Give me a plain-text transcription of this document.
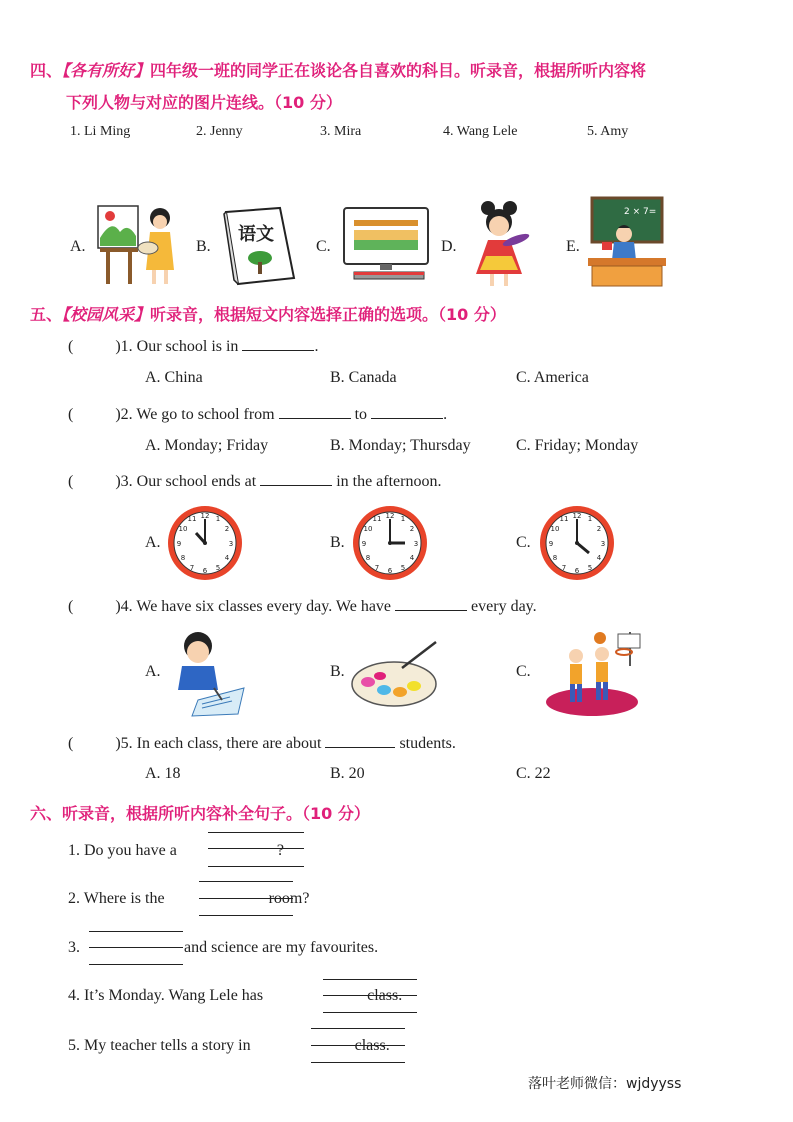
四、【各有所好】四年级一班的同学正在谈论各自喜欢的科目。听录音，根据所听内容将
下列人物与对应的图片连线。（10 分）
1. Li Ming	2. Jenny	3. Mira	4. Wang Lele	5. Amy
A.	B.
语文
C.	D.	E.
2 × 7=
五、【校园风采】听录音，根据短文内容选择正确的选项。（10 分）
(	)1. Our school is in	.
A. China	B. Canada	C. America
(	)2. We go to school from	to	.
A. Monday; Friday	B. Monday; Thursday	C. Friday; Monday
(	)3. Our school ends at	in the afternoon.
A.
12 1
2
3
4
5
6
7
8
9
10
11
B.
12 1
2
3
4
5
6
7
8
9
10
11
C.
12 1
2
3
4
5
6
7
8
9
10
11
(	)4. We have six classes every day. We have	every day.
A.	B.	C.
(	)5. In each class, there are about	students.
A. 18	B. 20	C. 22
六、听录音，根据所听内容补全句子。（10 分）
1. Do you have a	?
2. Where is the	room?
3.	and science are my favourites.
4. It’s Monday. Wang Lele has	class.
5. My teacher tells a story in	class.
落叶老师微信：wjdyyss
